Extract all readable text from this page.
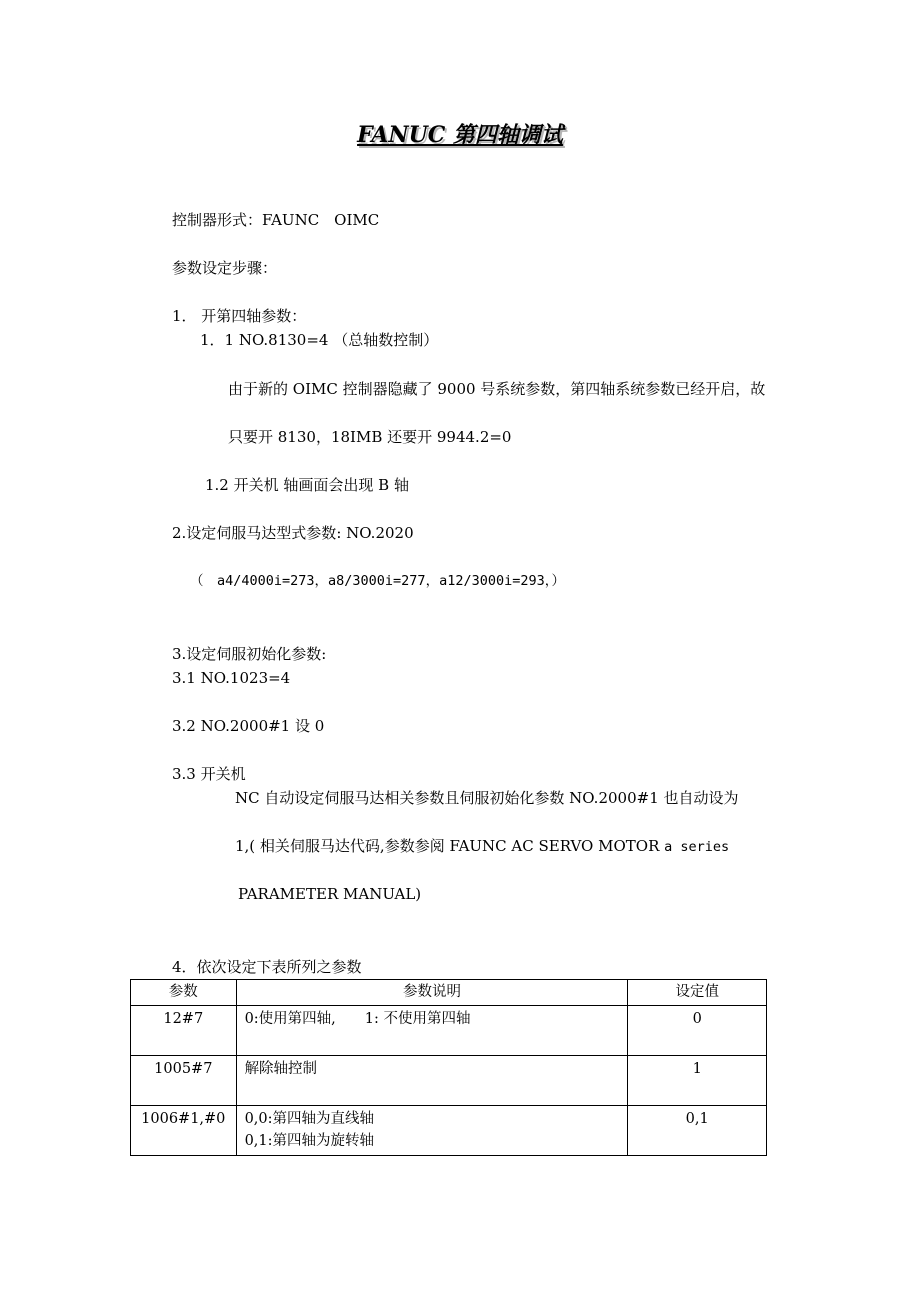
FANUC 第四轴调试
控制器形式：FAUNC　OIMC
参数设定步骤：
1． 开第四轴参数：
1．1 NO.8130=4 （总轴数控制）
由于新的 OIMC 控制器隐藏了 9000 号系统参数，第四轴系统参数已经开启，故
只要开 8130，18IMB 还要开 9944.2=0
1.2 开关机 轴画面会出现 B 轴
2.设定伺服马达型式参数: NO.2020
（　a4/4000i=273，a8/3000i=277，a12/3000i=293，）
3.设定伺服初始化参数:
3.1 NO.1023=4
3.2 NO.2000#1 设 0
3.3 开关机
NC 自动设定伺服马达相关参数且伺服初始化参数 NO.2000#1 也自动设为
1,( 相关伺服马达代码,参数参阅 FAUNC AC SERVO MOTOR a series
PARAMETER MANUAL)
4．依次设定下表所列之参数
参数	参数说明	设定值
12#7	0:使用第四轴,　　1: 不使用第四轴	0
1005#7	解除轴控制	1
1006#1,#0	0,0:第四轴为直线轴
0,1:第四轴为旋转轴	0,1
